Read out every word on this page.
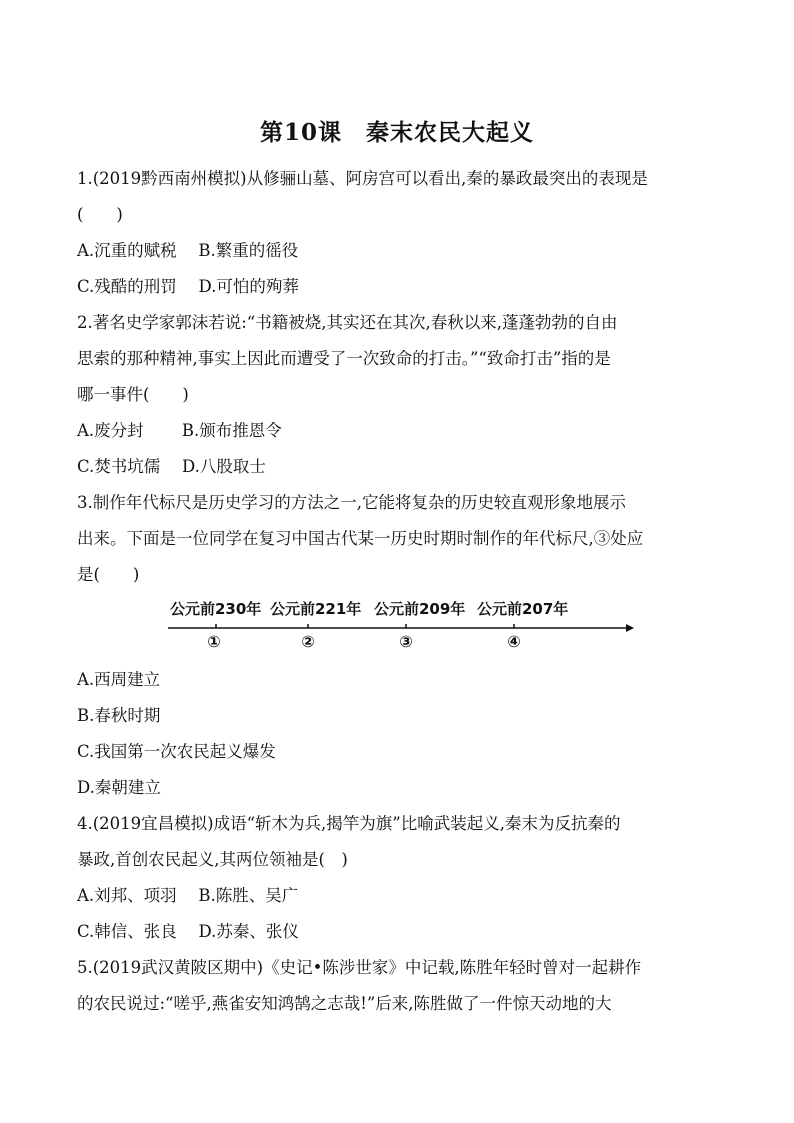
第10课　秦末农民大起义
1.(2019黔西南州模拟)从修骊山墓、阿房宫可以看出,秦的暴政最突出的表现是
(　　)
A.沉重的赋税　 B.繁重的徭役
C.残酷的刑罚　 D.可怕的殉葬
2.著名史学家郭沫若说:“书籍被烧,其实还在其次,春秋以来,蓬蓬勃勃的自由
思索的那种精神,事实上因此而遭受了一次致命的打击。”“致命打击”指的是
哪一事件(　　)
A.废分封　　 B.颁布推恩令
C.焚书坑儒　 D.八股取士
3.制作年代标尺是历史学习的方法之一,它能将复杂的历史较直观形象地展示
出来。下面是一位同学在复习中国古代某一历史时期时制作的年代标尺,③处应
是(　　)
公元前230年 公元前221年 公元前209年 公元前207年
①	②	③	④
A.西周建立
B.春秋时期
C.我国第一次农民起义爆发
D.秦朝建立
4.(2019宜昌模拟)成语“斩木为兵,揭竿为旗”比喻武装起义,秦末为反抗秦的
暴政,首创农民起义,其两位领袖是(　)
A.刘邦、项羽　 B.陈胜、吴广
C.韩信、张良　 D.苏秦、张仪
5.(2019武汉黄陂区期中)《史记•陈涉世家》中记载,陈胜年轻时曾对一起耕作
的农民说过:“嗟乎,燕雀安知鸿鹄之志哉!”后来,陈胜做了一件惊天动地的大
